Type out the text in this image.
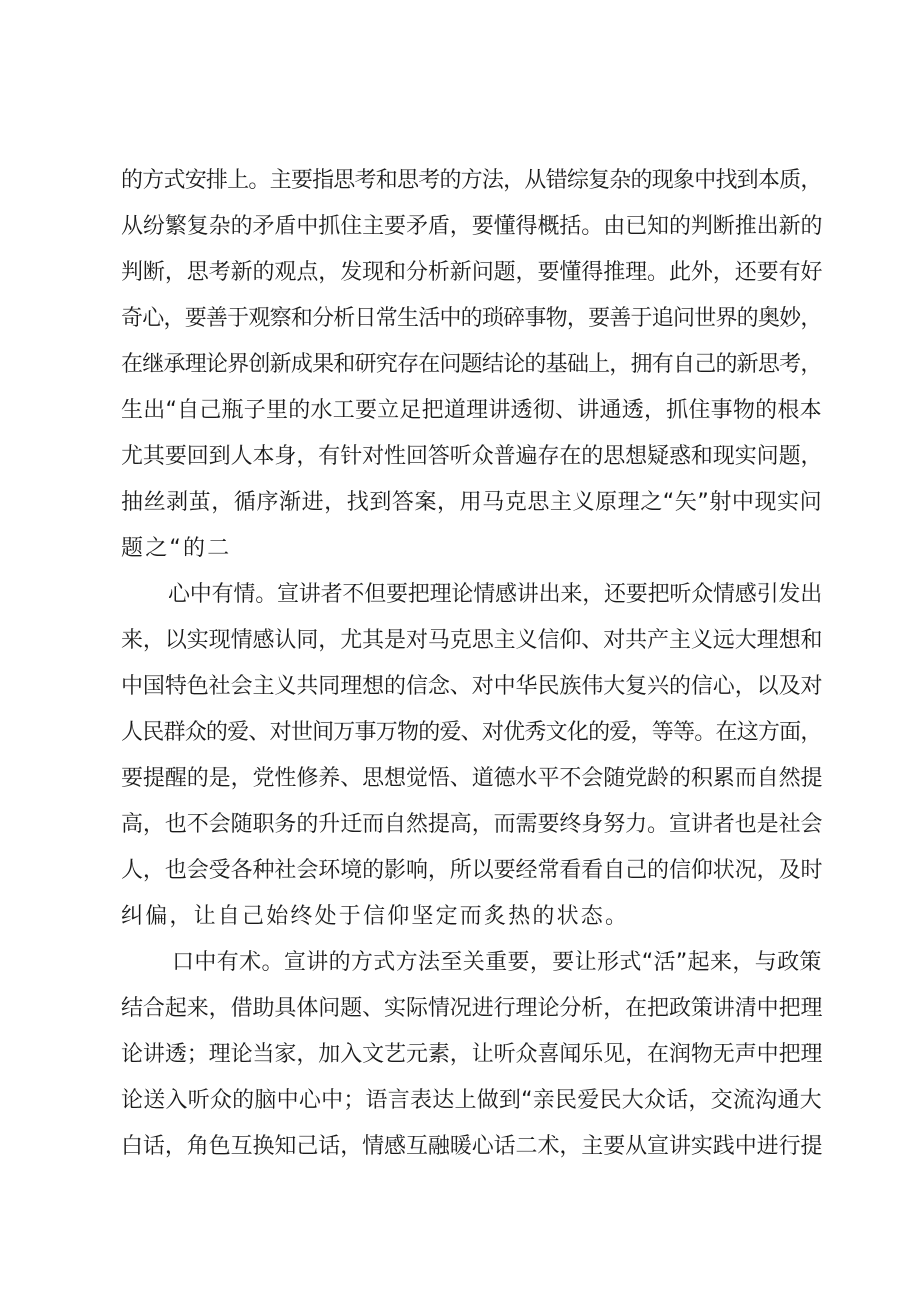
的方式安排上。主要指思考和思考的方法，从错综复杂的现象中找到本质，
从纷繁复杂的矛盾中抓住主要矛盾，要懂得概括。由已知的判断推出新的
判断，思考新的观点，发现和分析新问题，要懂得推理。此外，还要有好
奇心，要善于观察和分析日常生活中的琐碎事物，要善于追问世界的奥妙，
在继承理论界创新成果和研究存在问题结论的基础上，拥有自己的新思考，
生出“自己瓶子里的水工要立足把道理讲透彻、讲通透，抓住事物的根本
尤其要回到人本身，有针对性回答听众普遍存在的思想疑惑和现实问题，
抽丝剥茧，循序渐进，找到答案，用马克思主义原理之“矢”射中现实问
题之“的二
心中有情。宣讲者不但要把理论情感讲出来，还要把听众情感引发出
来，以实现情感认同，尤其是对马克思主义信仰、对共产主义远大理想和
中国特色社会主义共同理想的信念、对中华民族伟大复兴的信心，以及对
人民群众的爱、对世间万事万物的爱、对优秀文化的爱，等等。在这方面，
要提醒的是，党性修养、思想觉悟、道德水平不会随党龄的积累而自然提
高，也不会随职务的升迁而自然提高，而需要终身努力。宣讲者也是社会
人，也会受各种社会环境的影响，所以要经常看看自己的信仰状况，及时
纠偏，让自己始终处于信仰坚定而炙热的状态。
口中有术。宣讲的方式方法至关重要，要让形式“活”起来，与政策
结合起来，借助具体问题、实际情况进行理论分析，在把政策讲清中把理
论讲透；理论当家，加入文艺元素，让听众喜闻乐见，在润物无声中把理
论送入听众的脑中心中；语言表达上做到“亲民爱民大众话，交流沟通大
白话，角色互换知己话，情感互融暖心话二术，主要从宣讲实践中进行提
